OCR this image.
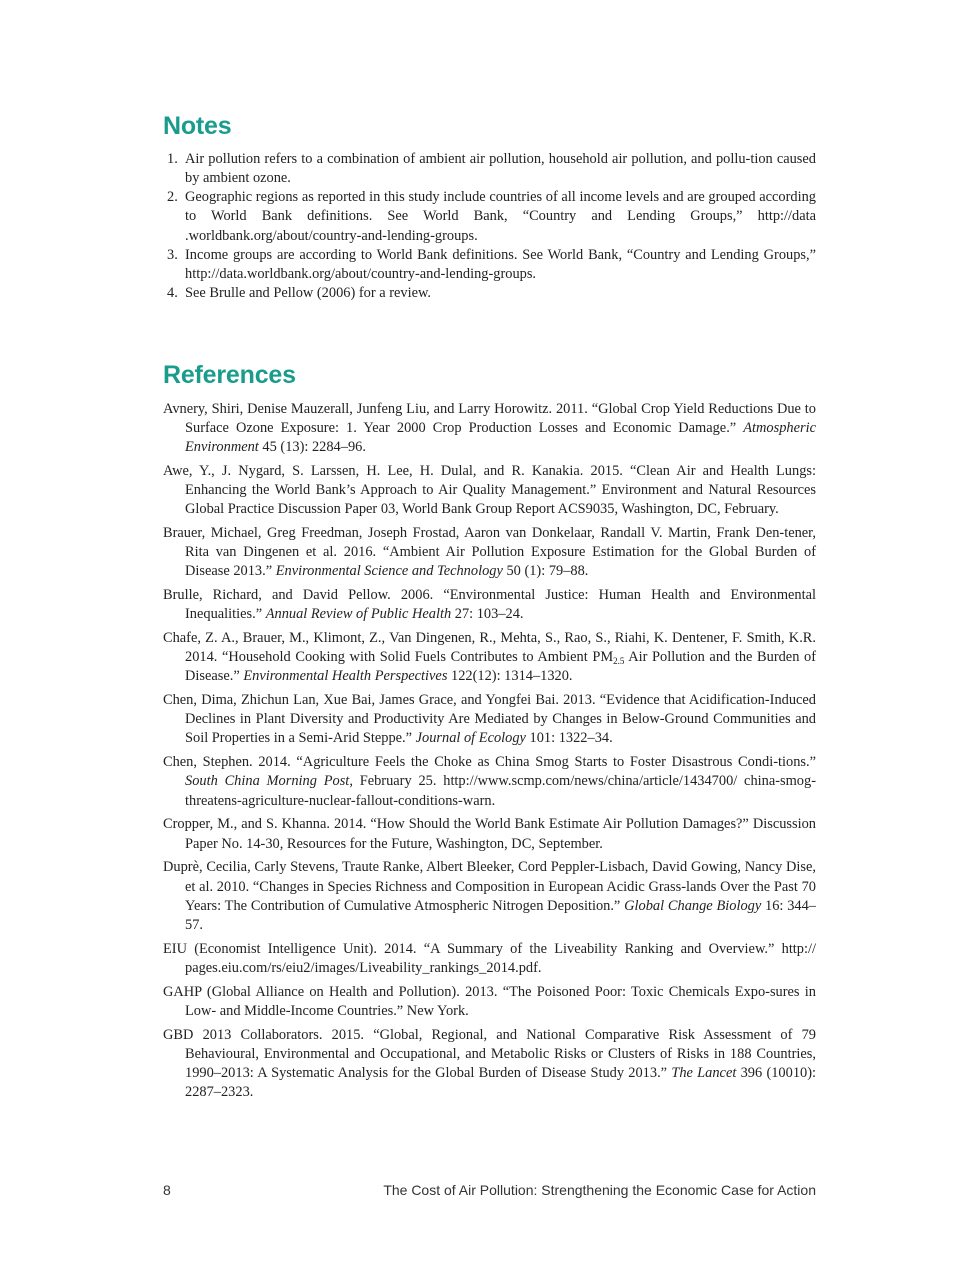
Notes
1. Air pollution refers to a combination of ambient air pollution, household air pollution, and pollu-tion caused by ambient ozone.
2. Geographic regions as reported in this study include countries of all income levels and are grouped according to World Bank definitions. See World Bank, “Country and Lending Groups,” http://data .worldbank.org/about/country-and-lending-groups.
3. Income groups are according to World Bank definitions. See World Bank, “Country and Lending Groups,” http://data.worldbank.org/about/country-and-lending-groups.
4. See Brulle and Pellow (2006) for a review.
References
Avnery, Shiri, Denise Mauzerall, Junfeng Liu, and Larry Horowitz. 2011. “Global Crop Yield Reductions Due to Surface Ozone Exposure: 1. Year 2000 Crop Production Losses and Economic Damage.” Atmospheric Environment 45 (13): 2284–96.
Awe, Y., J. Nygard, S. Larssen, H. Lee, H. Dulal, and R. Kanakia. 2015. “Clean Air and Health Lungs: Enhancing the World Bank’s Approach to Air Quality Management.” Environment and Natural Resources Global Practice Discussion Paper 03, World Bank Group Report ACS9035, Washington, DC, February.
Brauer, Michael, Greg Freedman, Joseph Frostad, Aaron van Donkelaar, Randall V. Martin, Frank Den-tener, Rita van Dingenen et al. 2016. “Ambient Air Pollution Exposure Estimation for the Global Burden of Disease 2013.” Environmental Science and Technology 50 (1): 79–88.
Brulle, Richard, and David Pellow. 2006. “Environmental Justice: Human Health and Environmental Inequalities.” Annual Review of Public Health 27: 103–24.
Chafe, Z. A., Brauer, M., Klimont, Z., Van Dingenen, R., Mehta, S., Rao, S., Riahi, K. Dentener, F. Smith, K.R. 2014. “Household Cooking with Solid Fuels Contributes to Ambient $PM_{2.5}$ Air Pollution and the Burden of Disease.” Environmental Health Perspectives 122(12): 1314–1320.
Chen, Dima, Zhichun Lan, Xue Bai, James Grace, and Yongfei Bai. 2013. “Evidence that Acidification-Induced Declines in Plant Diversity and Productivity Are Mediated by Changes in Below-Ground Communities and Soil Properties in a Semi-Arid Steppe.” Journal of Ecology 101: 1322–34.
Chen, Stephen. 2014. “Agriculture Feels the Choke as China Smog Starts to Foster Disastrous Condi-tions.” South China Morning Post, February 25. http://www.scmp.com/news/china/article/1434700/ china-smog-threatens-agriculture-nuclear-fallout-conditions-warn.
Cropper, M., and S. Khanna. 2014. “How Should the World Bank Estimate Air Pollution Damages?” Discussion Paper No. 14-30, Resources for the Future, Washington, DC, September.
Duprè, Cecilia, Carly Stevens, Traute Ranke, Albert Bleeker, Cord Peppler-Lisbach, David Gowing, Nancy Dise, et al. 2010. “Changes in Species Richness and Composition in European Acidic Grass-lands Over the Past 70 Years: The Contribution of Cumulative Atmospheric Nitrogen Deposition.” Global Change Biology 16: 344–57.
EIU (Economist Intelligence Unit). 2014. “A Summary of the Liveability Ranking and Overview.” http:// pages.eiu.com/rs/eiu2/images/Liveability_rankings_2014.pdf.
GAHP (Global Alliance on Health and Pollution). 2013. “The Poisoned Poor: Toxic Chemicals Expo-sures in Low- and Middle-Income Countries.” New York.
GBD 2013 Collaborators. 2015. “Global, Regional, and National Comparative Risk Assessment of 79 Behavioural, Environmental and Occupational, and Metabolic Risks or Clusters of Risks in 188 Countries, 1990–2013: A Systematic Analysis for the Global Burden of Disease Study 2013.” The Lancet 396 (10010): 2287–2323.
8	The Cost of Air Pollution: Strengthening the Economic Case for Action
